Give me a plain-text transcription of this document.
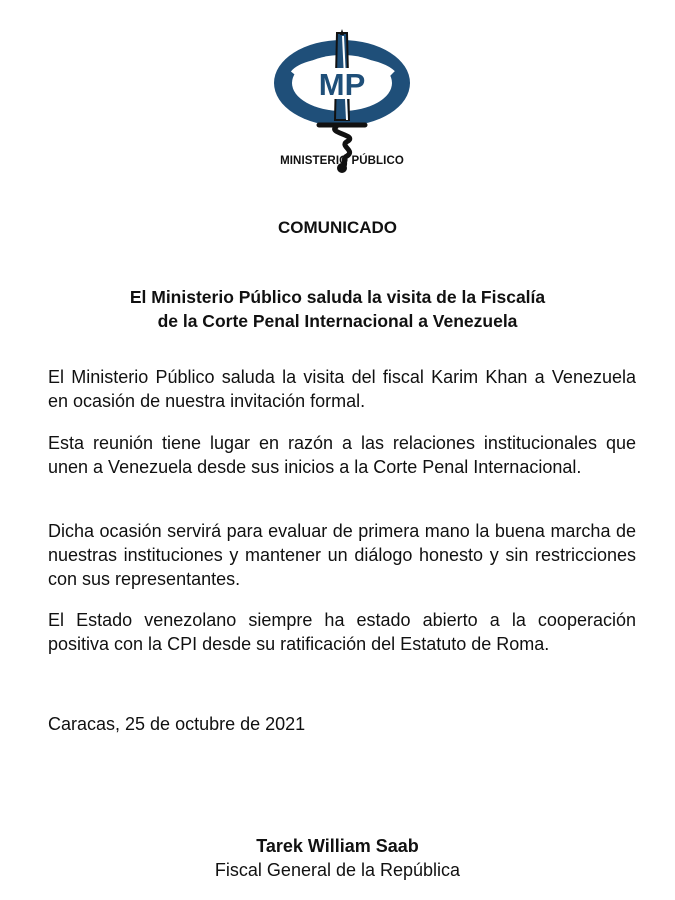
MP
MINISTERIO PÚBLICO
COMUNICADO
El Ministerio Público saluda la visita de la Fiscalía
de la Corte Penal Internacional a Venezuela

El Ministerio Público saluda la visita del fiscal Karim Khan a Venezuela en ocasión de nuestra invitación formal.

Esta reunión tiene lugar en razón a las relaciones institucionales que unen a Venezuela desde sus inicios a la Corte Penal Internacional.

Dicha ocasión servirá para evaluar de primera mano la buena marcha de nuestras instituciones y mantener un diálogo honesto y sin restricciones con sus representantes.

El Estado venezolano siempre ha estado abierto a la cooperación positiva con la CPI desde su ratificación del Estatuto de Roma.

Caracas, 25 de octubre de 2021
Tarek William Saab
Fiscal General de la República
